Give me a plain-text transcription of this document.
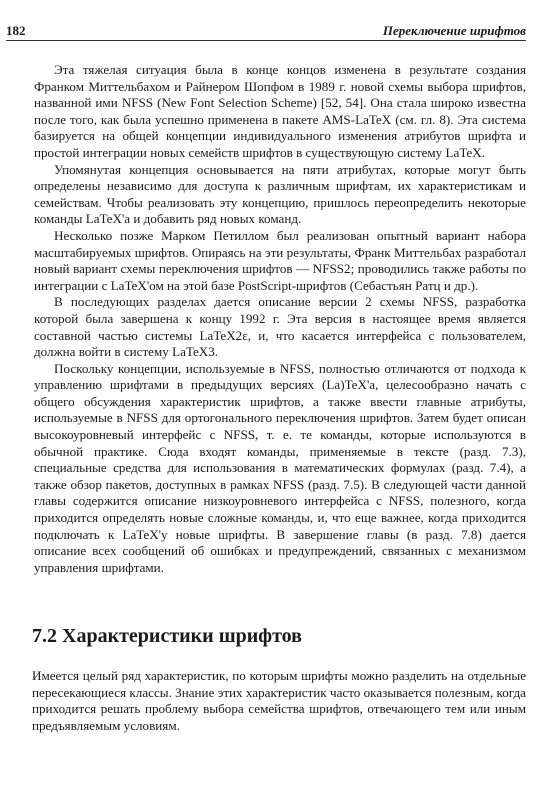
182	Переключение шрифтов

Эта тяжелая ситуация была в конце концов изменена в результате создания Франком Миттельбахом и Райнером Шопфом в 1989 г. новой схемы выбора шрифтов, названной ими NFSS (New Font Selection Scheme) [52, 54]. Она стала широко известна после того, как была успешно применена в пакете AMS-LaTeX (см. гл. 8). Эта система базируется на общей концепции индивидуального изменения атрибутов шрифта и простой интеграции новых семейств шрифтов в существующую систему LaTeX.

Упомянутая концепция основывается на пяти атрибутах, которые могут быть определены независимо для доступа к различным шрифтам, их характеристикам и семействам. Чтобы реализовать эту концепцию, пришлось переопределить некоторые команды LaTeX'а и добавить ряд новых команд.

Несколько позже Марком Петиллом был реализован опытный вариант набора масштабируемых шрифтов. Опираясь на эти результаты, Франк Миттельбах разработал новый вариант схемы переключения шрифтов — NFSS2; проводились также работы по интеграции с LaTeX'ом на этой базе PostScript-шрифтов (Себастьян Ратц и др.).

В последующих разделах дается описание версии 2 схемы NFSS, разработка которой была завершена к концу 1992 г. Эта версия в настоящее время является составной частью системы LaTeX2ε, и, что касается интерфейса с пользователем, должна войти в систему LaTeX3.

Поскольку концепции, используемые в NFSS, полностью отличаются от подхода к управлению шрифтами в предыдущих версиях (La)TeX'а, целесообразно начать с общего обсуждения характеристик шрифтов, а также ввести главные атрибуты, используемые в NFSS для ортогонального переключения шрифтов. Затем будет описан высокоуровневый интерфейс с NFSS, т. е. те команды, которые используются в обычной практике. Сюда входят команды, применяемые в тексте (разд. 7.3), специальные средства для использования в математических формулах (разд. 7.4), а также обзор пакетов, доступных в рамках NFSS (разд. 7.5). В следующей части данной главы содержится описание низкоуровневого интерфейса с NFSS, полезного, когда приходится определять новые сложные команды, и, что еще важнее, когда приходится подключать к LaTeX'у новые шрифты. В завершение главы (в разд. 7.8) дается описание всех сообщений об ошибках и предупреждений, связанных с механизмом управления шрифтами.

7.2 Характеристики шрифтов

Имеется целый ряд характеристик, по которым шрифты можно разделить на отдельные пересекающиеся классы. Знание этих характеристик часто оказывается полезным, когда приходится решать проблему выбора семейства шрифтов, отвечающего тем или иным предъявляемым условиям.
